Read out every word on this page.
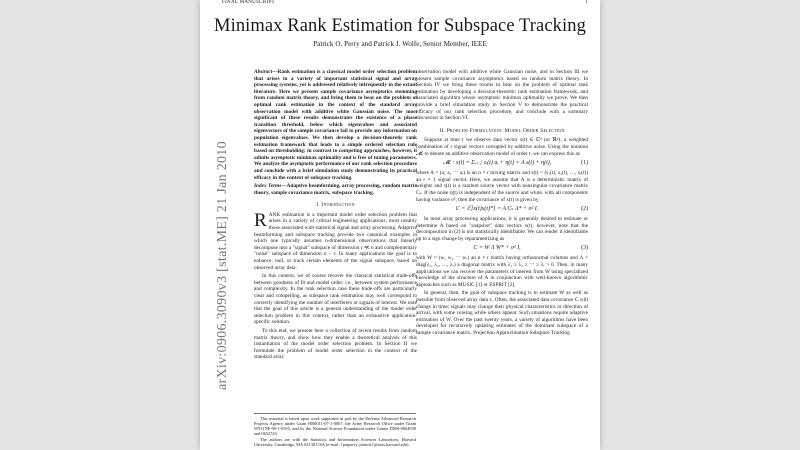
FINAL MANUSCRIPT	1
Minimax Rank Estimation for Subspace Tracking
Patrick O. Perry and Patrick J. Wolfe, Senior Member, IEEE
arXiv:0906.3090v3 [stat.ME] 21 Jan 2010
Abstract—Rank estimation is a classical model order selection problem that arises in a variety of important statistical signal and array processing systems, yet is addressed relatively infrequently in the extant literature. Here we present sample covariance asymptotics stemming from random matrix theory, and bring them to bear on the problem of optimal rank estimation in the context of the standard array observation model with additive white Gaussian noise. The most significant of these results demonstrates the existence of a phase transition threshold, below which eigenvalues and associated eigenvectors of the sample covariance fail to provide any information on population eigenvalues. We then develop a decision-theoretic rank estimation framework that leads to a simple ordered selection rule based on thresholding; in contrast to competing approaches, however, it admits asymptotic minimax optimality and is free of tuning parameters. We analyze the asymptotic performance of our rank selection procedure and conclude with a brief simulation study demonstrating its practical efficacy in the context of subspace tracking.
Index Terms—Adaptive beamforming, array processing, random matrix theory, sample covariance matrix, subspace tracking.
I. Introduction
RANK estimation is a important model order selection problem that arises in a variety of critical engineering applications, most notably those associated with statistical signal and array processing. Adaptive beamforming and subspace tracking provide two canonical examples in which one typically assumes n-dimensional observations that linearly decompose into a "signal" subspace of dimension r ≪ n and complementary "noise" subspace of dimension n − r. In many applications the goal is to enhance, null, or track certain elements of the signal subspace, based on observed array data.
In this context, we of course recover the classical statistical trade-offs between goodness of fit and model order; i.e., between system performance and complexity. In the rank selection case these trade-offs are particularly clear and compelling, as subspace rank estimation may well correspond to correctly identifying the number of interferers or signals of interest. We note that the goal of this article is a general understanding of the model order selection problem in this context, rather than an exhaustive application-specific solution.
To this end, we present here a collection of recent results from random matrix theory, and show how they enable a theoretical analysis of this instantiation of the model order selection problem. In Section II we formulate the problem of model order selection in the context of the standard array

This material is based upon work supported in part by the Defense Advanced Research Projects Agency under Grant HR0011-07-1-0007, the Army Research Office under Grant W911NF-09-1-0555, and by the National Science Foundation under Grants DMS-0604939 and 0652743.

The authors are with the Statistics and Information Sciences Laboratory, Harvard University, Cambridge, MA 02138 USA (e-mail: {patperry, patrick}@seas.harvard.edu).

observation model with additive white Gaussian noise, and in Section III we present sample covariance asymptotics based on random matrix theory. In Section IV we bring these results to bear on the problem of optimal rank estimation by developing a decision-theoretic rank estimation framework, and associated algorithm whose asymptotic minimax optimality we prove. We then provide a brief simulation study in Section V to demonstrate the practical efficacy of our rank selection procedure, and conclude with a summary discussion in Section VI.
II. Problem Formulation: Model Order Selection
Suppose at time t we observe data vector x(t) ∈ ℂⁿ (or ℝⁿ), a weighted combination of r signal vectors corrupted by additive noise. Using the notation 𝓜ᵣ to denote an additive observation model of order r, we can express this as
𝓜ᵣ : x(t) = Σᵢ₌₁ʳ sᵢ(t) aᵢ + η(t) = A s(t) + η(t),	(1)
where A = (a₁ a₂ ⋯ aᵣ) is an n × r mixing matrix and s(t) = (s₁(t), s₂(t), …, sᵣ(t)) an r × 1 signal vector. Here, we assume that A is a deterministic matrix of weights and s(t) is a random source vector with nonsingular covariance matrix Cₛ. If the noise η(t) is independent of the source and white, with all components having variance σ², then the covariance of x(t) is given by
C = 𝔼[x(t)x(t)*] = A Cₛ A* + σ² I.	(2)
In most array processing applications, it is generally desired to estimate or determine A based on "snapshot" data vectors x(t); however, note that the decomposition in (2) is not statistically identifiable. We can render it identifiable up to a sign change by reparametrizing as
C = W Λ W* + σ² I,	(3)
with W = (w₁ w₂ ⋯ wᵣ) an n × r matrix having orthonormal columns and Λ = diag(λ₁, λ₂, …, λᵣ) a diagonal matrix with λ₁ ≥ λ₂ ≥ ⋯ ≥ λᵣ > 0. Then, in many applications we can recover the parameters of interest from W using specialized knowledge of the structure of A in conjunction with well-known algorithmic approaches such as MUSIC [1] or ESPRIT [2].
In general, then, the goal of subspace tracking is to estimate W as well as possible from observed array data x. Often, the associated data covariance C will change in time; signals may change their physical characteristics or direction of arrival, with some ceasing while others appear. Such situations require adaptive estimation of W. Over the past twenty years, a variety of algorithms have been developed for recursively updating estimates of the dominant subspace of a sample covariance matrix. Projection Approximation Subspace Tracking
